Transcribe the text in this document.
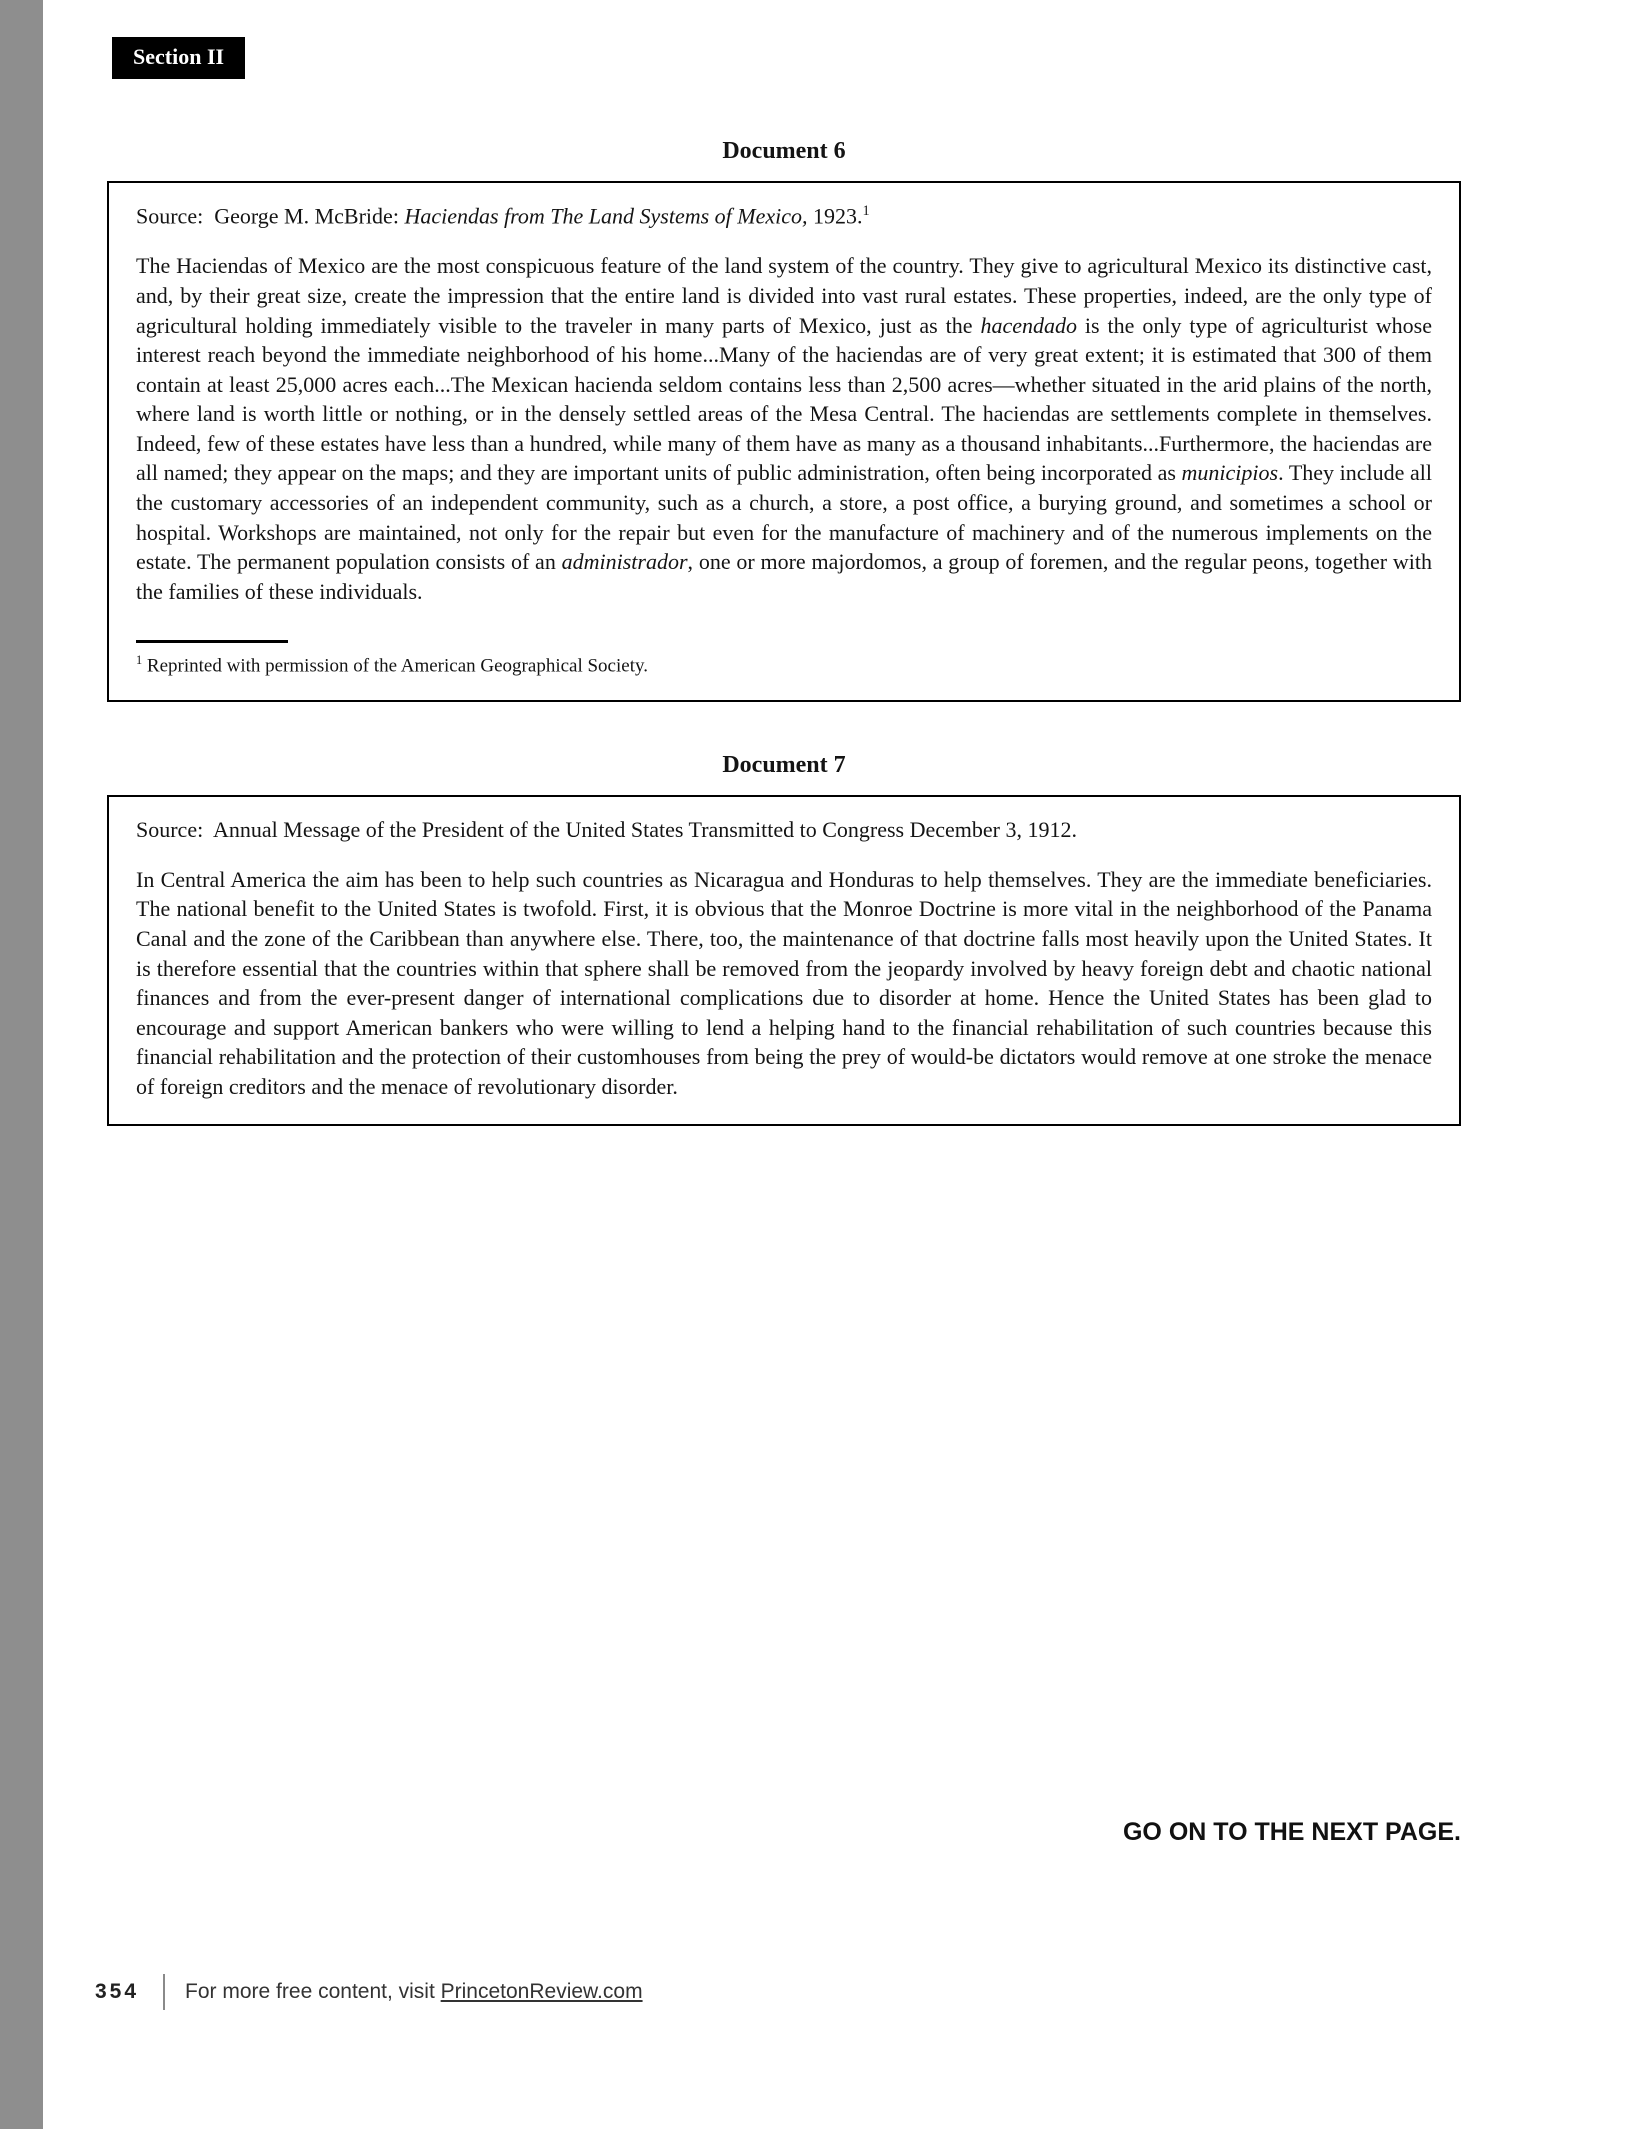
Section II
Document 6

Source:  George M. McBride: Haciendas from The Land Systems of Mexico, 1923.$^1$

The Haciendas of Mexico are the most conspicuous feature of the land system of the country. They give to agricultural Mexico its distinctive cast, and, by their great size, create the impression that the entire land is divided into vast rural estates. These properties, indeed, are the only type of agricultural holding immediately visible to the traveler in many parts of Mexico, just as the hacendado is the only type of agriculturist whose interest reach beyond the immediate neighborhood of his home...Many of the haciendas are of very great extent; it is estimated that 300 of them contain at least 25,000 acres each...The Mexican hacienda seldom contains less than 2,500 acres—whether situated in the arid plains of the north, where land is worth little or nothing, or in the densely settled areas of the Mesa Central. The haciendas are settlements complete in themselves. Indeed, few of these estates have less than a hundred, while many of them have as many as a thousand inhabitants...Furthermore, the haciendas are all named; they appear on the maps; and they are important units of public administration, often being incorporated as municipios. They include all the customary accessories of an independent community, such as a church, a store, a post office, a burying ground, and sometimes a school or hospital. Workshops are maintained, not only for the repair but even for the manufacture of machinery and of the numerous implements on the estate. The permanent population consists of an administrador, one or more majordomos, a group of foremen, and the regular peons, together with the families of these individuals.

$^1$ Reprinted with permission of the American Geographical Society.

Document 7

Source:  Annual Message of the President of the United States Transmitted to Congress December 3, 1912.

In Central America the aim has been to help such countries as Nicaragua and Honduras to help themselves. They are the immediate beneficiaries. The national benefit to the United States is twofold. First, it is obvious that the Monroe Doctrine is more vital in the neighborhood of the Panama Canal and the zone of the Caribbean than anywhere else. There, too, the maintenance of that doctrine falls most heavily upon the United States. It is therefore essential that the countries within that sphere shall be removed from the jeopardy involved by heavy foreign debt and chaotic national finances and from the ever-present danger of international complications due to disorder at home. Hence the United States has been glad to encourage and support American bankers who were willing to lend a helping hand to the financial rehabilitation of such countries because this financial rehabilitation and the protection of their customhouses from being the prey of would-be dictators would remove at one stroke the menace of foreign creditors and the menace of revolutionary disorder.

GO ON TO THE NEXT PAGE.
354 For more free content, visit PrincetonReview.com
